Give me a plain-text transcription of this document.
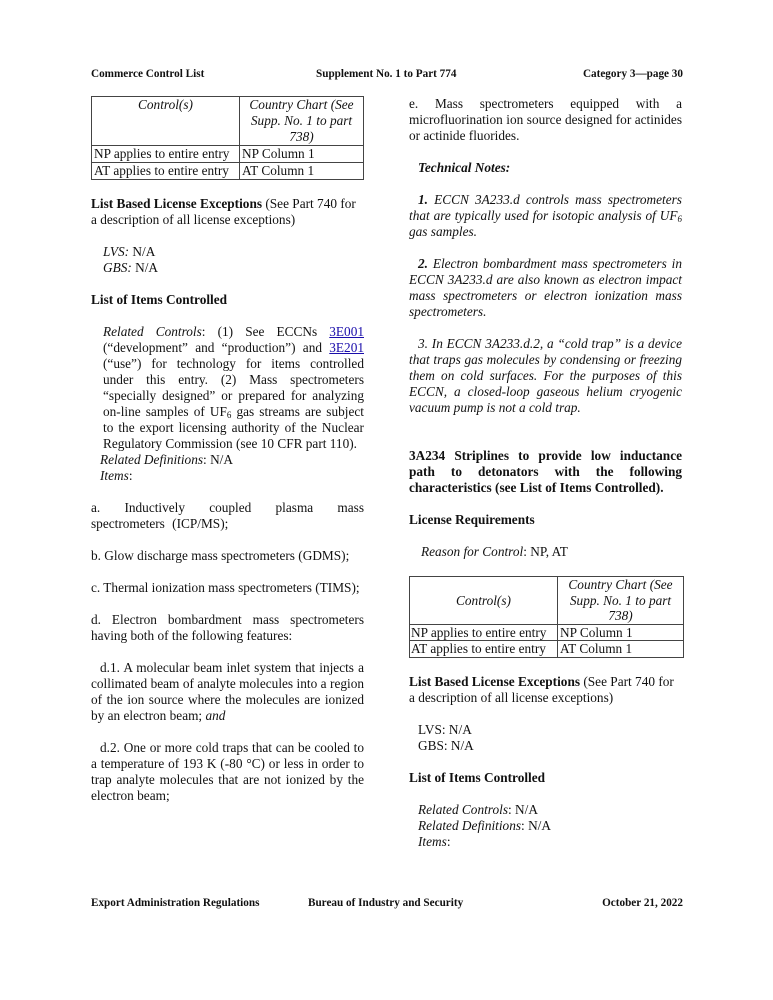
Commerce Control List	Supplement No. 1 to Part 774	Category 3—page 30
Control(s)	Country Chart (See Supp. No. 1 to part 738)
NP applies to entire entry	NP Column 1
AT applies to entire entry	AT Column 1

List Based License Exceptions (See Part 740 for a description of all license exceptions)

LVS: N/A

GBS: N/A

List of Items Controlled

Related Controls: (1) See ECCNs 3E001 (“development” and “production”) and 3E201 (“use”) for technology for items controlled under this entry. (2) Mass spectrometers “specially designed” or prepared for analyzing on-line samples of $UF_6$ gas streams are subject to the export licensing authority of the Nuclear Regulatory Commission (see 10 CFR part 110).

Related Definitions: N/A

Items:

a. Inductively coupled plasma mass spectrometers (ICP/MS);

b. Glow discharge mass spectrometers (GDMS);

c. Thermal ionization mass spectrometers (TIMS);

d. Electron bombardment mass spectrometers having both of the following features:

d.1. A molecular beam inlet system that injects a collimated beam of analyte molecules into a region of the ion source where the molecules are ionized by an electron beam; and

d.2. One or more cold traps that can be cooled to a temperature of 193 K (-80 °C) or less in order to trap analyte molecules that are not ionized by the electron beam;

e. Mass spectrometers equipped with a microfluorination ion source designed for actinides or actinide fluorides.

Technical Notes:

1. ECCN 3A233.d controls mass spectrometers that are typically used for isotopic analysis of $UF_6$ gas samples.

2. Electron bombardment mass spectrometers in ECCN 3A233.d are also known as electron impact mass spectrometers or electron ionization mass spectrometers.

3. In ECCN 3A233.d.2, a “cold trap” is a device that traps gas molecules by condensing or freezing them on cold surfaces. For the purposes of this ECCN, a closed-loop gaseous helium cryogenic vacuum pump is not a cold trap.

3A234 Striplines to provide low inductance path to detonators with the following characteristics (see List of Items Controlled).

License Requirements

Reason for Control: NP, AT

Control(s)	Country Chart (See Supp. No. 1 to part 738)
NP applies to entire entry	NP Column 1
AT applies to entire entry	AT Column 1

List Based License Exceptions (See Part 740 for a description of all license exceptions)

LVS: N/A

GBS: N/A

List of Items Controlled

Related Controls: N/A

Related Definitions: N/A

Items:

Export Administration Regulations	Bureau of Industry and Security	October 21, 2022
